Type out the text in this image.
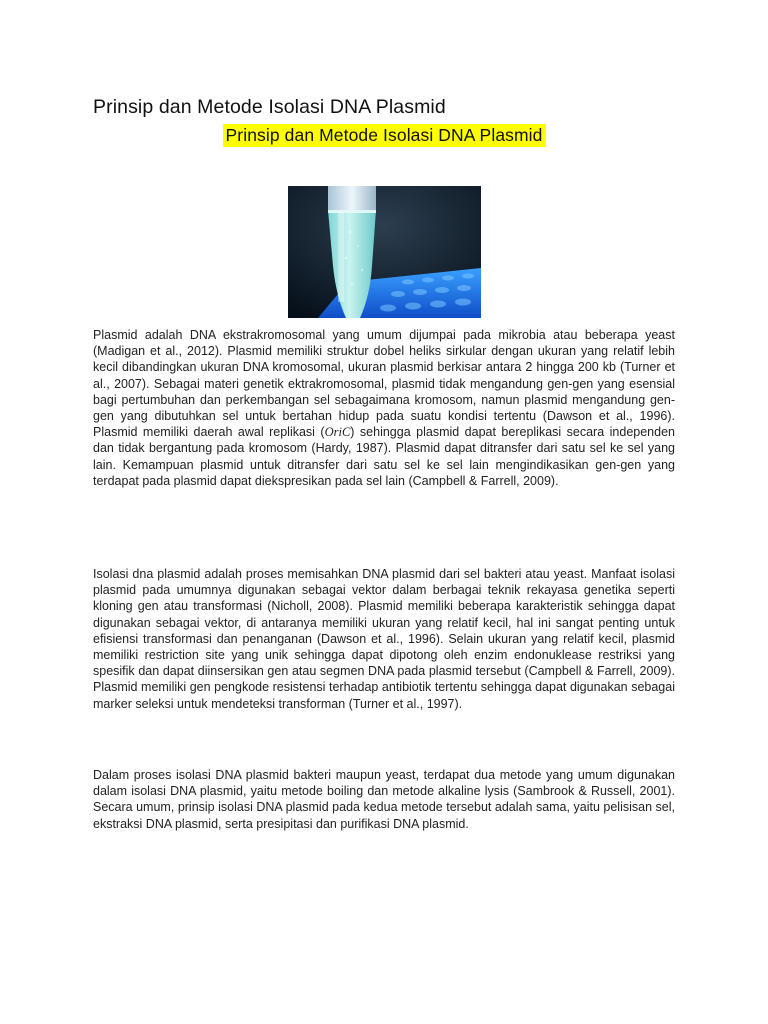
Prinsip dan Metode Isolasi DNA Plasmid
Prinsip dan Metode Isolasi DNA Plasmid

Plasmid adalah DNA ekstrakromosomal yang umum dijumpai pada mikrobia atau beberapa yeast (Madigan et al., 2012). Plasmid memiliki struktur dobel heliks sirkular dengan ukuran yang relatif lebih kecil dibandingkan ukuran DNA kromosomal, ukuran plasmid berkisar antara 2 hingga 200 kb (Turner et al., 2007). Sebagai materi genetik ektrakromosomal, plasmid tidak mengandung gen-gen yang esensial bagi pertumbuhan dan perkembangan sel sebagaimana kromosom, namun plasmid mengandung gen-gen yang dibutuhkan sel untuk bertahan hidup pada suatu kondisi tertentu (Dawson et al., 1996). Plasmid memiliki daerah awal replikasi (OriC) sehingga plasmid dapat bereplikasi secara independen dan tidak bergantung pada kromosom (Hardy, 1987). Plasmid dapat ditransfer dari satu sel ke sel yang lain. Kemampuan plasmid untuk ditransfer dari satu sel ke sel lain mengindikasikan gen-gen yang terdapat pada plasmid dapat diekspresikan pada sel lain (Campbell & Farrell, 2009).

Isolasi dna plasmid adalah proses memisahkan DNA plasmid dari sel bakteri atau yeast. Manfaat isolasi plasmid pada umumnya digunakan sebagai vektor dalam berbagai teknik rekayasa genetika seperti kloning gen atau transformasi (Nicholl, 2008). Plasmid memiliki beberapa karakteristik sehingga dapat digunakan sebagai vektor, di antaranya memiliki ukuran yang relatif kecil, hal ini sangat penting untuk efisiensi transformasi dan penanganan (Dawson et al., 1996). Selain ukuran yang relatif kecil, plasmid memiliki restriction site yang unik sehingga dapat dipotong oleh enzim endonuklease restriksi yang spesifik dan dapat diinsersikan gen atau segmen DNA pada plasmid tersebut (Campbell & Farrell, 2009). Plasmid memiliki gen pengkode resistensi terhadap antibiotik tertentu sehingga dapat digunakan sebagai marker seleksi untuk mendeteksi transforman (Turner et al., 1997).

Dalam proses isolasi DNA plasmid bakteri maupun yeast, terdapat dua metode yang umum digunakan dalam isolasi DNA plasmid, yaitu metode boiling dan metode alkaline lysis (Sambrook & Russell, 2001). Secara umum, prinsip isolasi DNA plasmid pada kedua metode tersebut adalah sama, yaitu pelisisan sel, ekstraksi DNA plasmid, serta presipitasi dan purifikasi DNA plasmid.
